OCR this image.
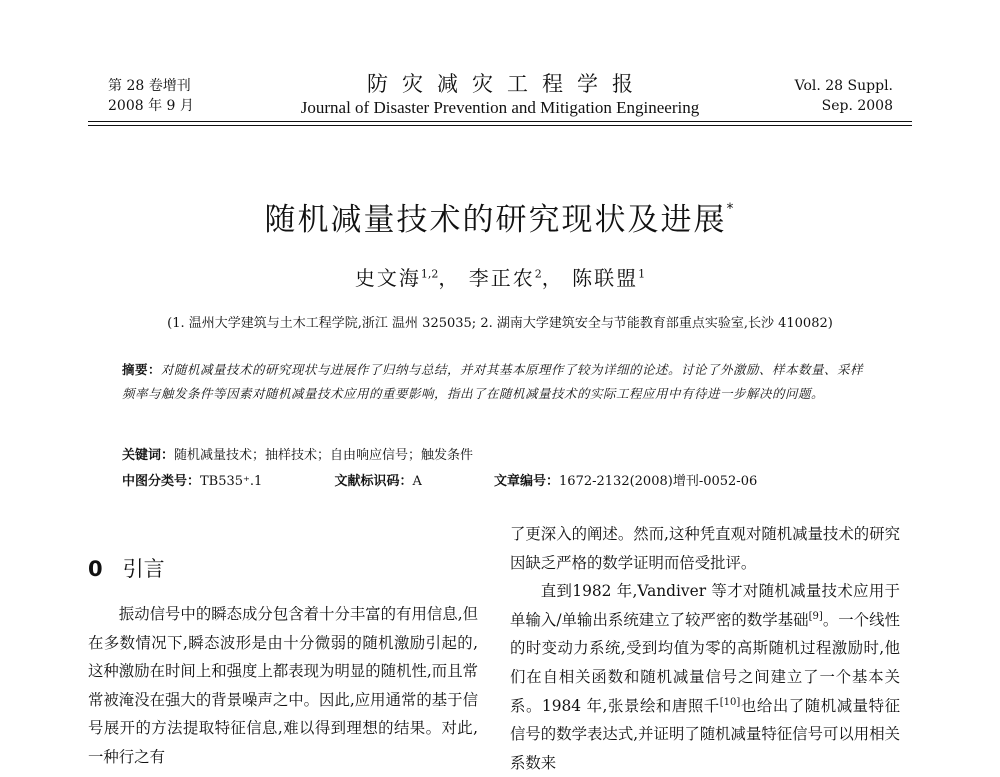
第 28 卷增刊
2008 年 9 月
防灾减灾工程学报
Journal of Disaster Prevention and Mitigation Engineering
Vol. 28 Suppl.
Sep. 2008
随机减量技术的研究现状及进展*
史文海$^{1,2}$， 李正农$^2$， 陈联盟$^1$
(1. 温州大学建筑与土木工程学院,浙江 温州 325035; 2. 湖南大学建筑安全与节能教育部重点实验室,长沙 410082)
摘要：对随机减量技术的研究现状与进展作了归纳与总结，并对其基本原理作了较为详细的论述。讨论了外激励、样本数量、采样频率与触发条件等因素对随机减量技术应用的重要影响，指出了在随机减量技术的实际工程应用中有待进一步解决的问题。
关键词：随机减量技术；抽样技术；自由响应信号；触发条件
中图分类号：TB535⁺.1	文献标识码：A	文章编号：1672-2132(2008)增刊-0052-06
0 引言

振动信号中的瞬态成分包含着十分丰富的有用信息,但在多数情况下,瞬态波形是由十分微弱的随机激励引起的,这种激励在时间上和强度上都表现为明显的随机性,而且常常被淹没在强大的背景噪声之中。因此,应用通常的基于信号展开的方法提取特征信息,难以得到理想的结果。对此,一种行之有

了更深入的阐述。然而,这种凭直观对随机减量技术的研究因缺乏严格的数学证明而倍受批评。

直到1982 年,Vandiver 等才对随机减量技术应用于单输入/单输出系统建立了较严密的数学基础[9]。一个线性的时变动力系统,受到均值为零的高斯随机过程激励时,他们在自相关函数和随机减量信号之间建立了一个基本关系。1984 年,张景绘和唐照千[10]也给出了随机减量特征信号的数学表达式,并证明了随机减量特征信号可以用相关系数来
